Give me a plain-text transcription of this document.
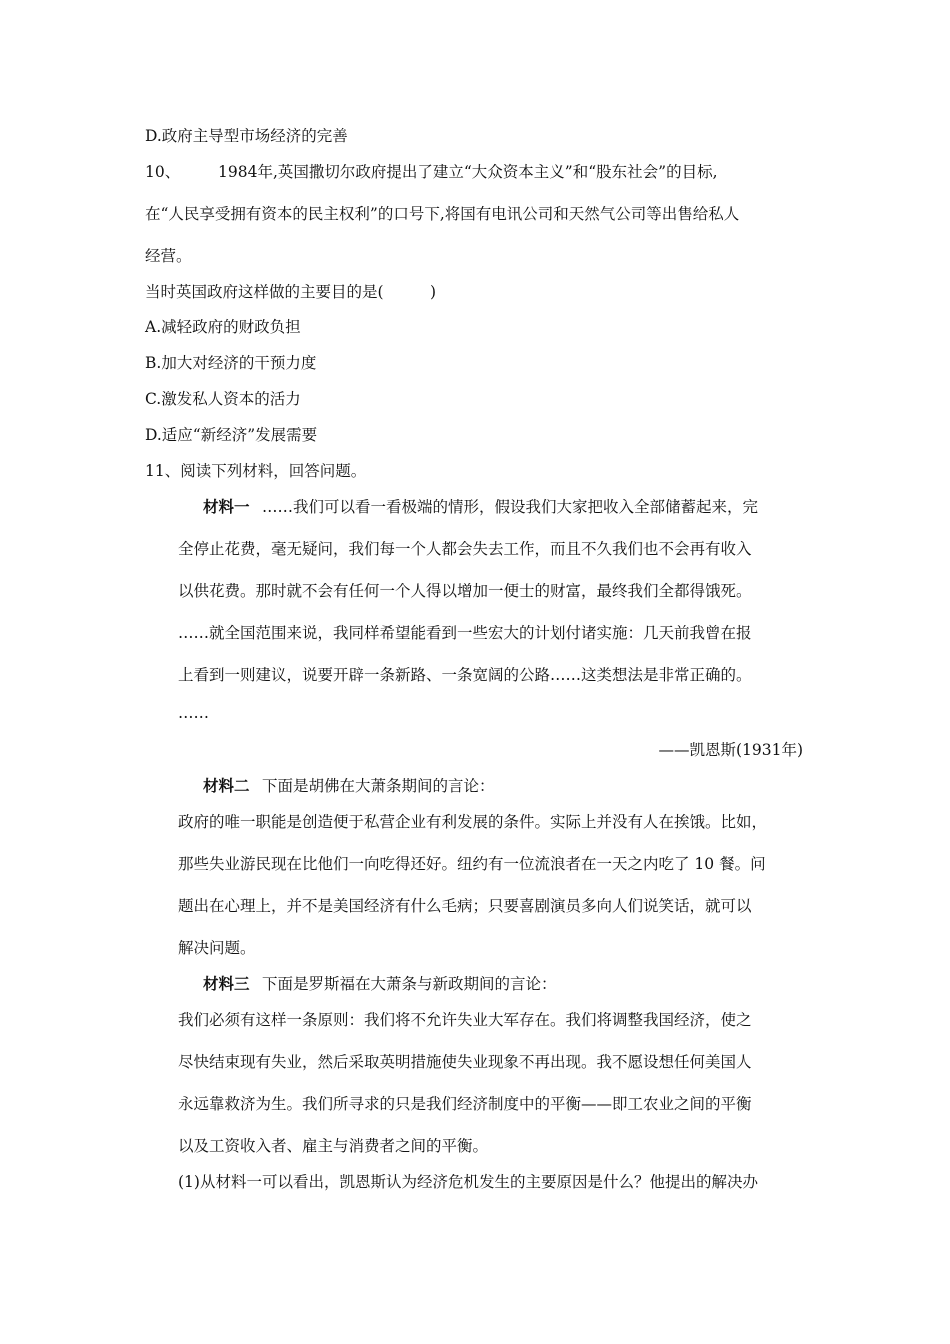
D.政府主导型市场经济的完善
10、 1984年,英国撒切尔政府提出了建立“大众资本主义”和“股东社会”的目标,
在“人民享受拥有资本的民主权利”的口号下,将国有电讯公司和天然气公司等出售给私人
经营。
当时英国政府这样做的主要目的是(　　　)
A.减轻政府的财政负担
B.加大对经济的干预力度
C.激发私人资本的活力
D.适应“新经济”发展需要
11、阅读下列材料，回答问题。
材料一 ……我们可以看一看极端的情形，假设我们大家把收入全部储蓄起来，完
全停止花费，毫无疑问，我们每一个人都会失去工作，而且不久我们也不会再有收入
以供花费。那时就不会有任何一个人得以增加一便士的财富，最终我们全都得饿死。
……就全国范围来说，我同样希望能看到一些宏大的计划付诸实施：几天前我曾在报
上看到一则建议，说要开辟一条新路、一条宽阔的公路……这类想法是非常正确的。
……
——凯恩斯(1931年)
材料二 下面是胡佛在大萧条期间的言论：
政府的唯一职能是创造便于私营企业有利发展的条件。实际上并没有人在挨饿。比如，
那些失业游民现在比他们一向吃得还好。纽约有一位流浪者在一天之内吃了 10 餐。问
题出在心理上，并不是美国经济有什么毛病；只要喜剧演员多向人们说笑话，就可以
解决问题。
材料三 下面是罗斯福在大萧条与新政期间的言论：
我们必须有这样一条原则：我们将不允许失业大军存在。我们将调整我国经济，使之
尽快结束现有失业，然后采取英明措施使失业现象不再出现。我不愿设想任何美国人
永远靠救济为生。我们所寻求的只是我们经济制度中的平衡——即工农业之间的平衡
以及工资收入者、雇主与消费者之间的平衡。
(1)从材料一可以看出，凯恩斯认为经济危机发生的主要原因是什么？他提出的解决办
